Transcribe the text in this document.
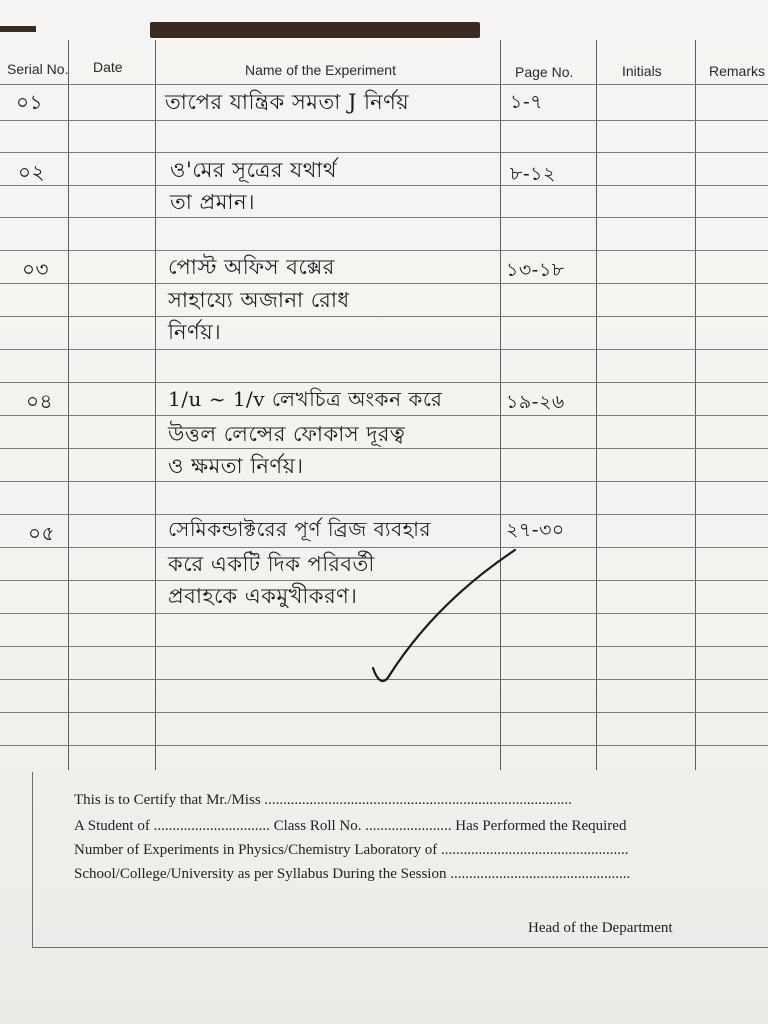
Serial No. Date	Name of the Experiment	Page No.	Initials	Remarks
০১	তাপের যান্ত্রিক সমতা J নির্ণয়	১-৭
০২	ও'মের সূত্রের যথার্থ
তা প্রমান।
৮-১২
০৩	পোস্ট অফিস বক্সের
সাহায্যে অজানা রোধ
নির্ণয়।
১৩-১৮
০৪	1/u ~ 1/v লেখচিত্র অংকন করে
উত্তল লেন্সের ফোকাস দূরত্ব
ও ক্ষমতা নির্ণয়।
১৯-২৬
০৫	সেমিকন্ডাক্টরের পূর্ণ ব্রিজ ব্যবহার
করে একটি দিক পরিবর্তী
প্রবাহকে একমুখীকরণ।
২৭-৩০
This is to Certify that Mr./Miss ..................................................................................
A Student of ............................... Class Roll No. ....................... Has Performed the Required
Number of Experiments in Physics/Chemistry Laboratory of ..................................................
School/College/University as per Syllabus During the Session ................................................
Head of the Department
